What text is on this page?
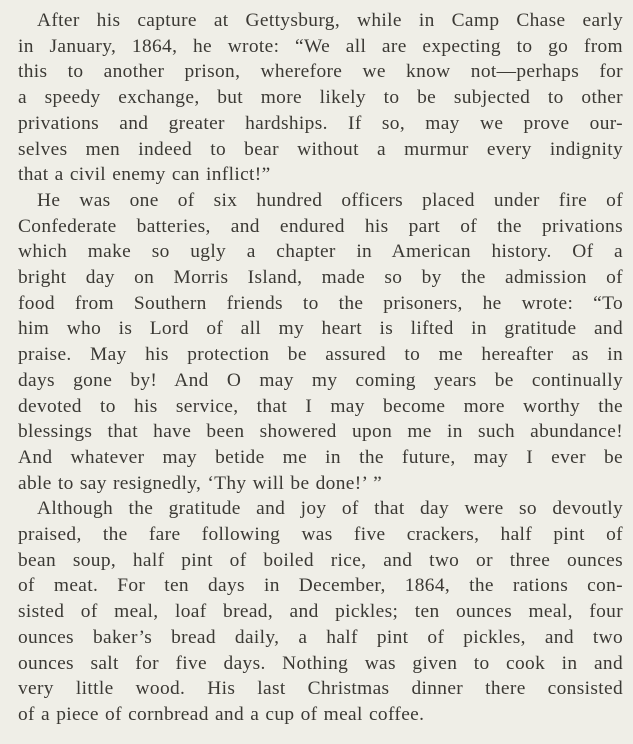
After his capture at Gettysburg, while in Camp Chase early
in January, 1864, he wrote: “We all are expecting to go from
this to another prison, wherefore we know not—perhaps for
a speedy exchange, but more likely to be subjected to other
privations and greater hardships. If so, may we prove our-
selves men indeed to bear without a murmur every indignity
that a civil enemy can inflict!”
He was one of six hundred officers placed under fire of
Confederate batteries, and endured his part of the privations
which make so ugly a chapter in American history. Of a
bright day on Morris Island, made so by the admission of
food from Southern friends to the prisoners, he wrote: “To
him who is Lord of all my heart is lifted in gratitude and
praise. May his protection be assured to me hereafter as in
days gone by! And O may my coming years be continually
devoted to his service, that I may become more worthy the
blessings that have been showered upon me in such abundance!
And whatever may betide me in the future, may I ever be
able to say resignedly, ‘Thy will be done!’ ”
Although the gratitude and joy of that day were so devoutly
praised, the fare following was five crackers, half pint of
bean soup, half pint of boiled rice, and two or three ounces
of meat. For ten days in December, 1864, the rations con-
sisted of meal, loaf bread, and pickles; ten ounces meal, four
ounces baker’s bread daily, a half pint of pickles, and two
ounces salt for five days. Nothing was given to cook in and
very little wood. His last Christmas dinner there consisted
of a piece of cornbread and a cup of meal coffee.
